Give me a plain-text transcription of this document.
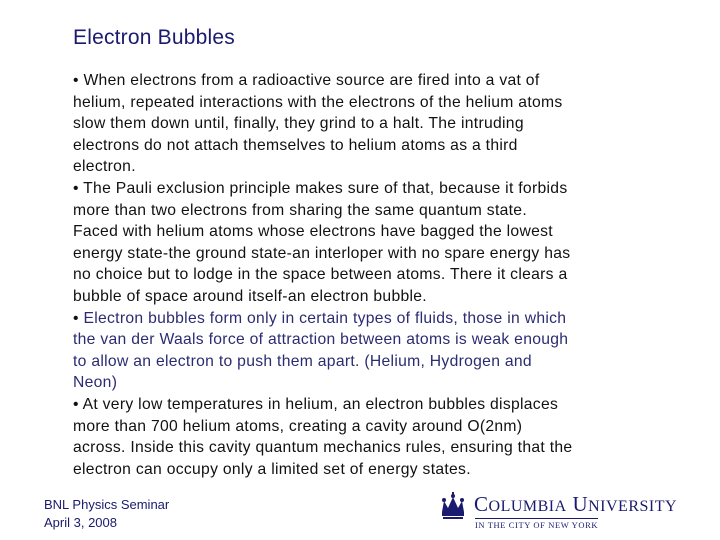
Electron Bubbles
• When electrons from a radioactive source are fired into a vat of
helium, repeated interactions with the electrons of the helium atoms
slow them down until, finally, they grind to a halt. The intruding
electrons do not attach themselves to helium atoms as a third
electron.
• The Pauli exclusion principle makes sure of that, because it forbids
more than two electrons from sharing the same quantum state.
Faced with helium atoms whose electrons have bagged the lowest
energy state-the ground state-an interloper with no spare energy has
no choice but to lodge in the space between atoms. There it clears a
bubble of space around itself-an electron bubble.
• Electron bubbles form only in certain types of fluids, those in which
the van der Waals force of attraction between atoms is weak enough
to allow an electron to push them apart. (Helium, Hydrogen and
Neon)
• At very low temperatures in helium, an electron bubbles displaces
more than 700 helium atoms, creating a cavity around O(2nm)
across. Inside this cavity quantum mechanics rules, ensuring that the
electron can occupy only a limited set of energy states.
BNL Physics Seminar
April 3, 2008
COLUMBIA UNIVERSITY
IN THE CITY OF NEW YORK
